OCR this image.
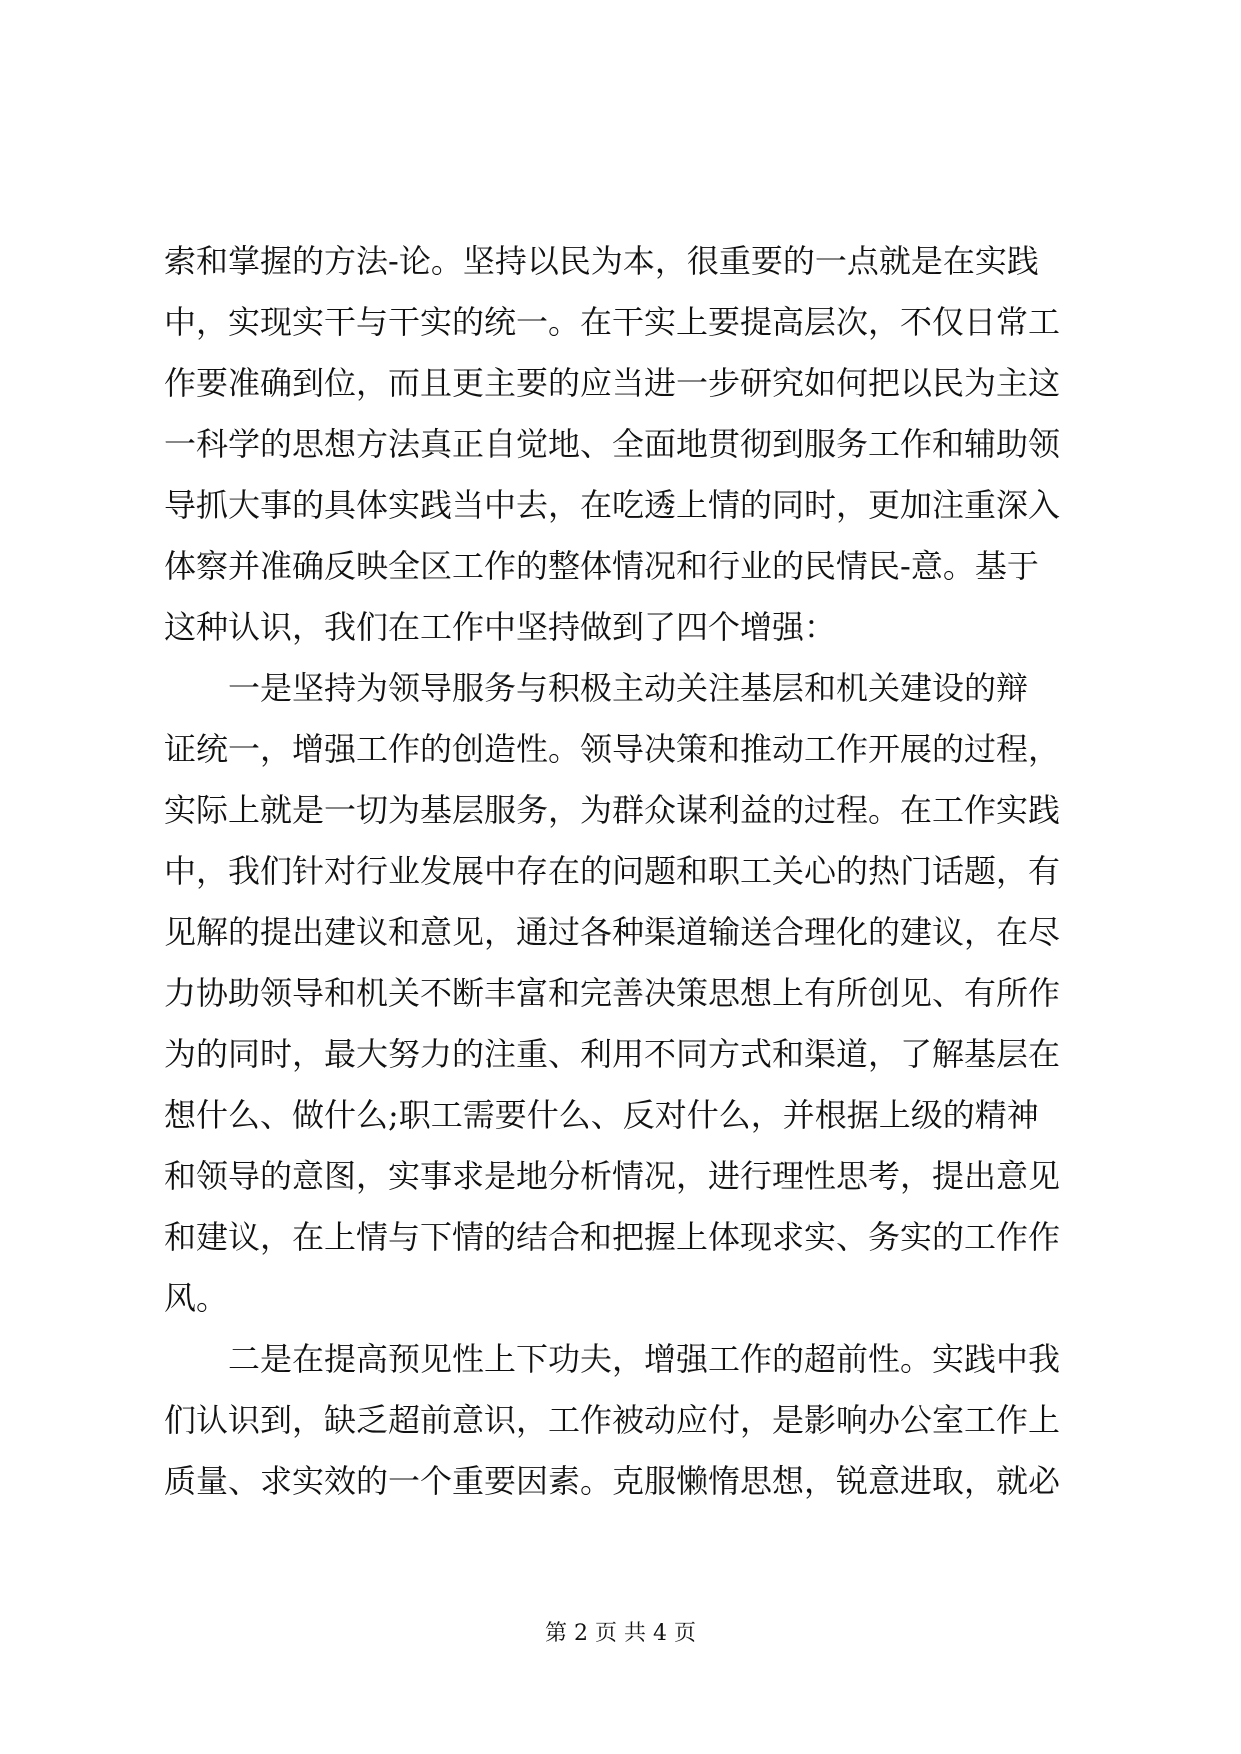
索和掌握的方法-论。坚持以民为本，很重要的一点就是在实践
中，实现实干与干实的统一。在干实上要提高层次，不仅日常工
作要准确到位，而且更主要的应当进一步研究如何把以民为主这
一科学的思想方法真正自觉地、全面地贯彻到服务工作和辅助领
导抓大事的具体实践当中去，在吃透上情的同时，更加注重深入
体察并准确反映全区工作的整体情况和行业的民情民-意。基于
这种认识，我们在工作中坚持做到了四个增强：
一是坚持为领导服务与积极主动关注基层和机关建设的辩
证统一，增强工作的创造性。领导决策和推动工作开展的过程，
实际上就是一切为基层服务，为群众谋利益的过程。在工作实践
中，我们针对行业发展中存在的问题和职工关心的热门话题，有
见解的提出建议和意见，通过各种渠道输送合理化的建议，在尽
力协助领导和机关不断丰富和完善决策思想上有所创见、有所作
为的同时，最大努力的注重、利用不同方式和渠道，了解基层在
想什么、做什么;职工需要什么、反对什么，并根据上级的精神
和领导的意图，实事求是地分析情况，进行理性思考，提出意见
和建议，在上情与下情的结合和把握上体现求实、务实的工作作
风。
二是在提高预见性上下功夫，增强工作的超前性。实践中我
们认识到，缺乏超前意识，工作被动应付，是影响办公室工作上
质量、求实效的一个重要因素。克服懒惰思想，锐意进取，就必
第 2 页 共 4 页
